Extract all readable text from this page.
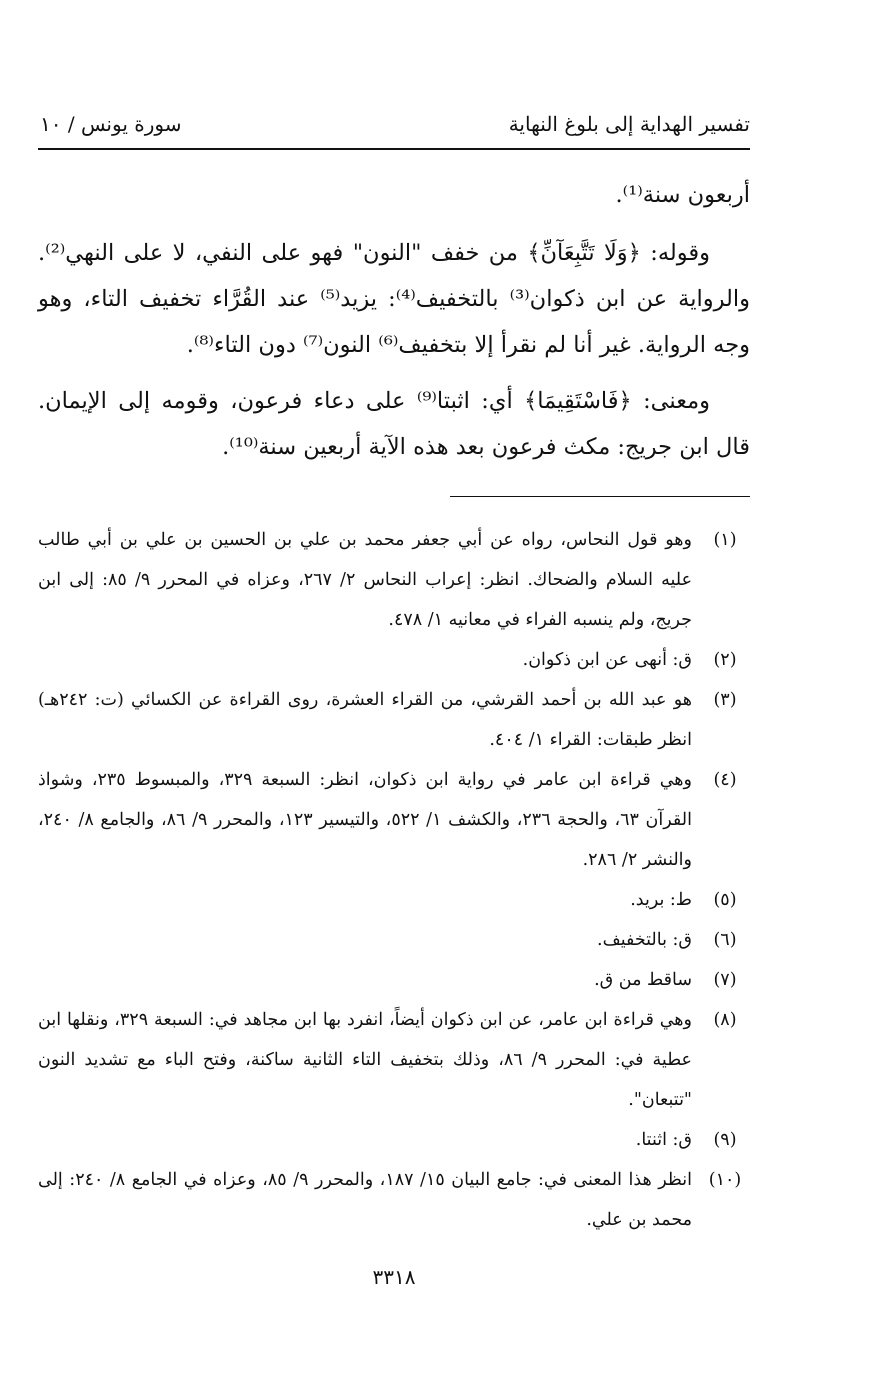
تفسير الهداية إلى بلوغ النهاية
سورة يونس / ١٠

أربعون سنة⁽¹⁾.

وقوله: ﴿وَلَا تَتَّبِعَآنِّ﴾ من خفف "النون" فهو على النفي، لا على النهي⁽²⁾. والرواية عن ابن ذكوان⁽³⁾ بالتخفيف⁽⁴⁾: يزيد⁽⁵⁾ عند القُرَّاء تخفيف التاء، وهو وجه الرواية. غير أنا لم نقرأ إلا بتخفيف⁽⁶⁾ النون⁽⁷⁾ دون التاء⁽⁸⁾.

ومعنى: ﴿فَاسْتَقِيمَا﴾ أي: اثبتا⁽⁹⁾ على دعاء فرعون، وقومه إلى الإيمان. قال ابن جريج: مكث فرعون بعد هذه الآية أربعين سنة⁽¹⁰⁾.

(١)
وهو قول النحاس، رواه عن أبي جعفر محمد بن علي بن الحسين بن علي بن أبي طالب عليه السلام والضحاك. انظر: إعراب النحاس ٢/ ٢٦٧، وعزاه في المحرر ٩/ ٨٥: إلى ابن جريج، ولم ينسبه الفراء في معانيه ١/ ٤٧٨.
(٢)
ق: أنهى عن ابن ذكوان.
(٣)
هو عبد الله بن أحمد القرشي، من القراء العشرة، روى القراءة عن الكسائي (ت: ٢٤٢هـ) انظر طبقات: القراء ١/ ٤٠٤.
(٤)
وهي قراءة ابن عامر في رواية ابن ذكوان، انظر: السبعة ٣٢٩، والمبسوط ٢٣٥، وشواذ القرآن ٦٣، والحجة ٢٣٦، والكشف ١/ ٥٢٢، والتيسير ١٢٣، والمحرر ٩/ ٨٦، والجامع ٨/ ٢٤٠، والنشر ٢/ ٢٨٦.
(٥)
ط: بريد.
(٦)
ق: بالتخفيف.
(٧)
ساقط من ق.
(٨)
وهي قراءة ابن عامر، عن ابن ذكوان أيضاً، انفرد بها ابن مجاهد في: السبعة ٣٢٩، ونقلها ابن عطية في: المحرر ٩/ ٨٦، وذلك بتخفيف التاء الثانية ساكنة، وفتح الباء مع تشديد النون "تتبعان".
(٩)
ق: اثنتا.
(١٠)
انظر هذا المعنى في: جامع البيان ١٥/ ١٨٧، والمحرر ٩/ ٨٥، وعزاه في الجامع ٨/ ٢٤٠: إلى محمد بن علي.
٣٣١٨
